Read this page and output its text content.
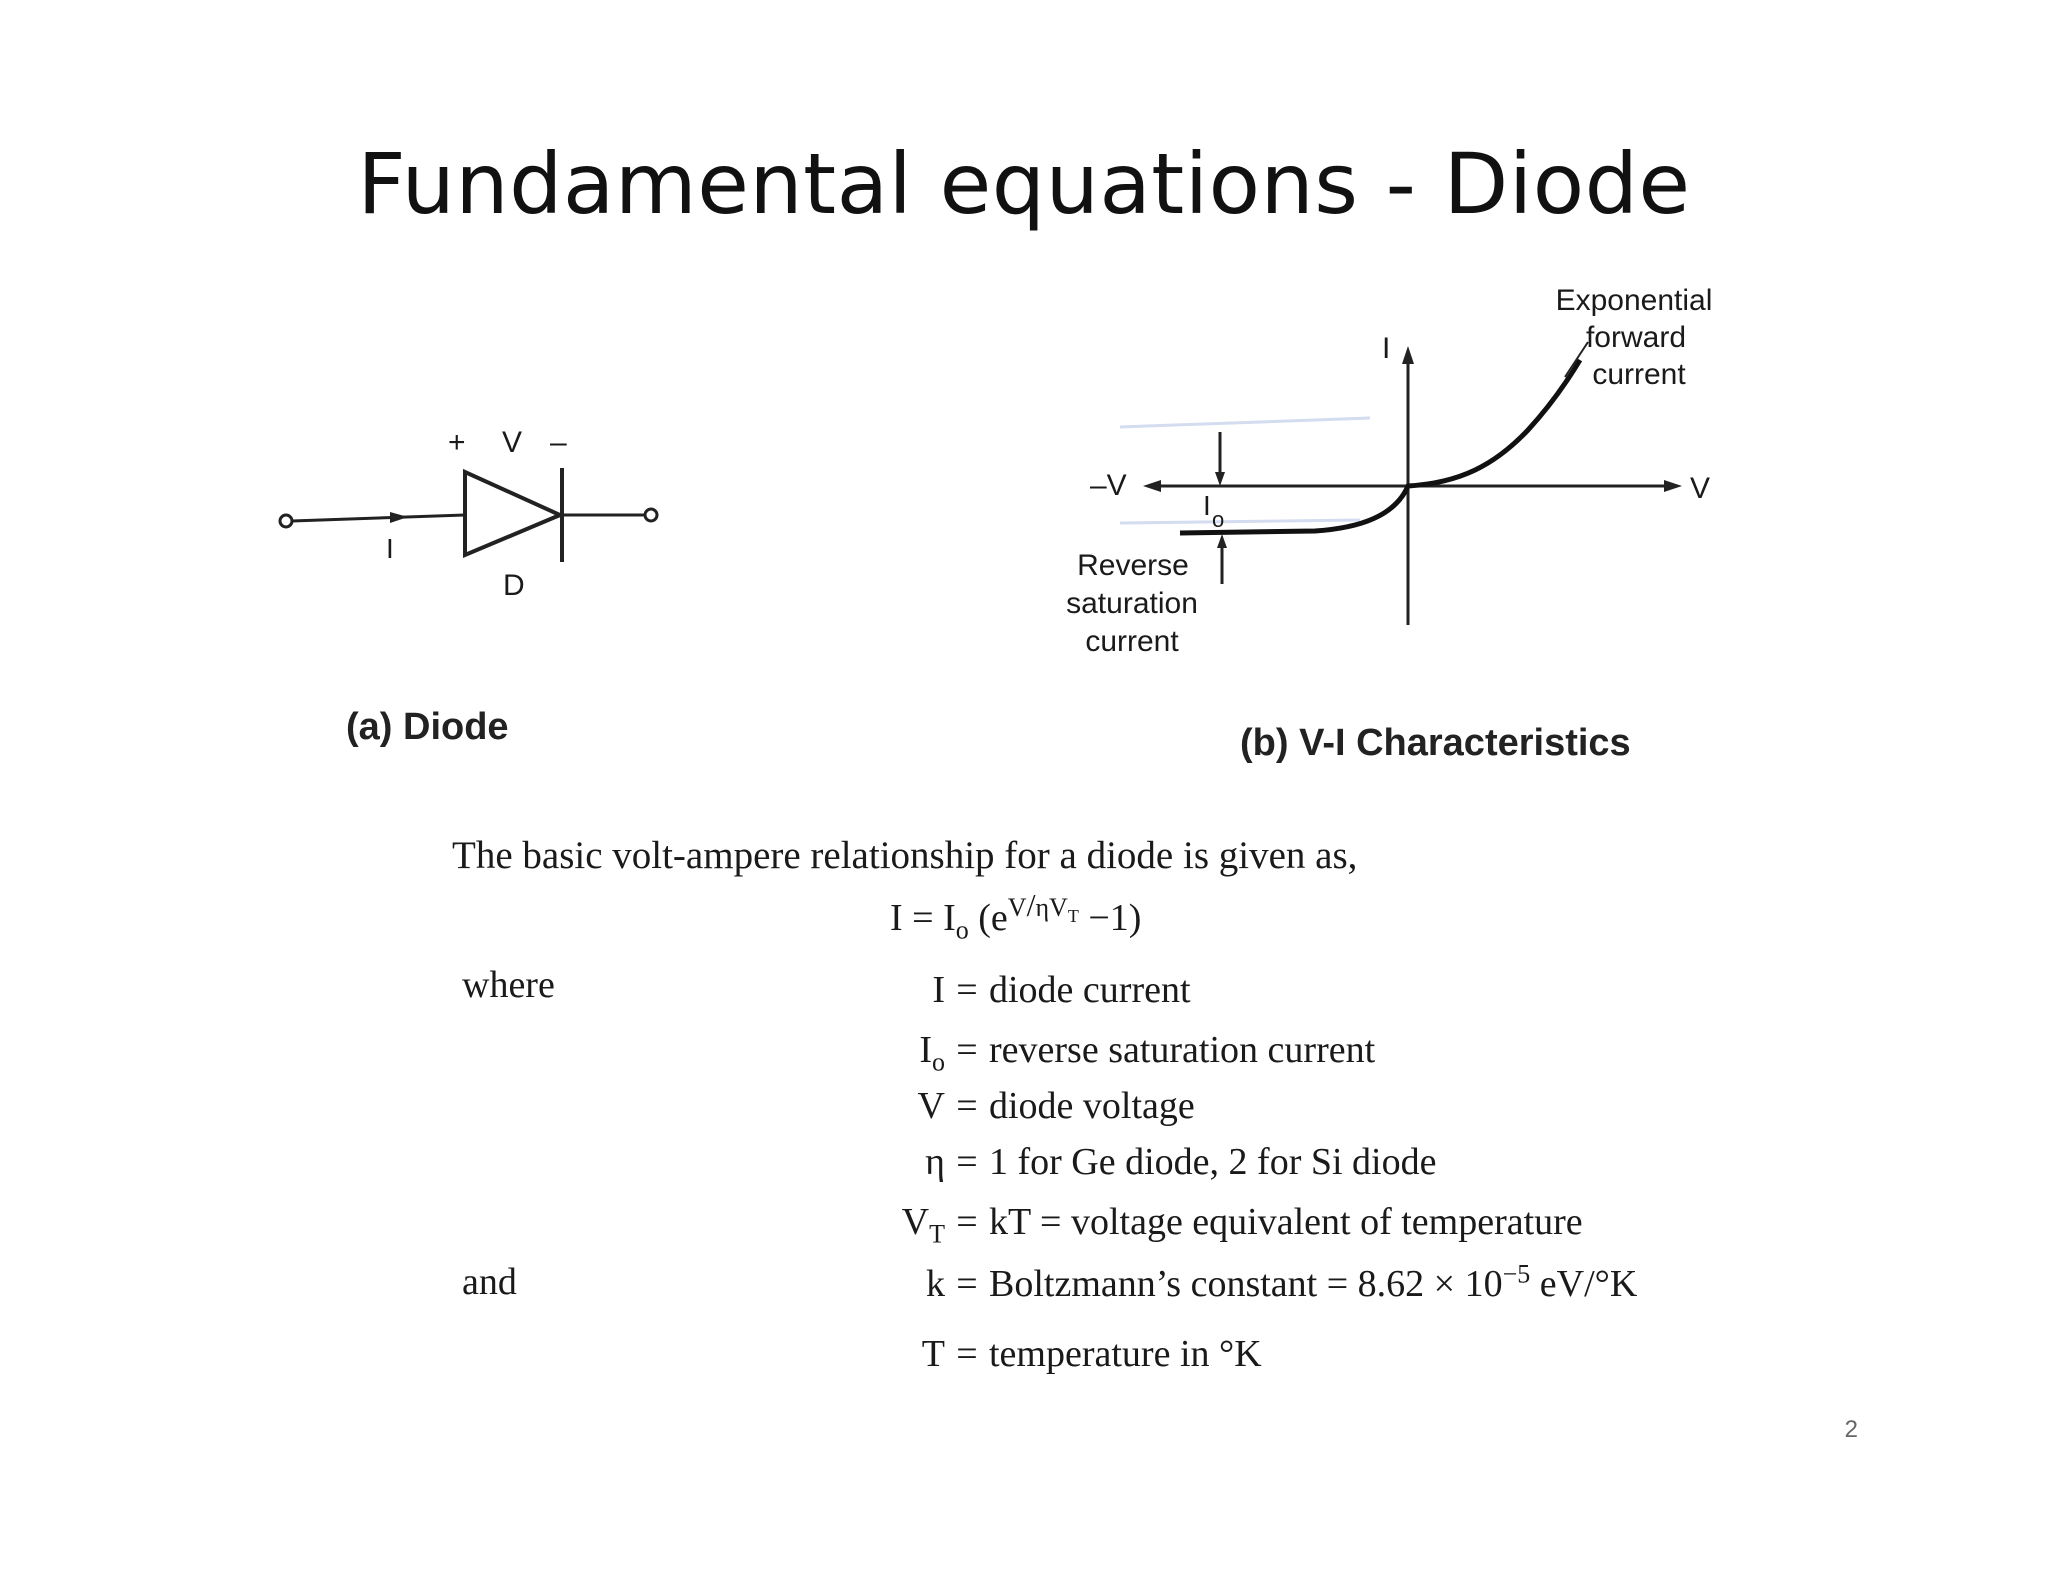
Fundamental equations - Diode
+ V –
I
D
(a) Diode
I
–V	V
I o
Exponential
forward
current
Reverse
saturation
current
(b) V-I Characteristics
The basic volt-ampere relationship for a diode is given as,
$I = I_o$ $(e^{V/\eta V_T} -1)$
where
and
I = diode current
$I_o$ = reverse saturation current
V = diode voltage
η = 1 for Ge diode, 2 for Si diode
$V_T$ = kT = voltage equivalent of temperature
k = Boltzmann’s constant = $8.62 \times 10^{-5}$ eV/°K
T = temperature in °K
2
